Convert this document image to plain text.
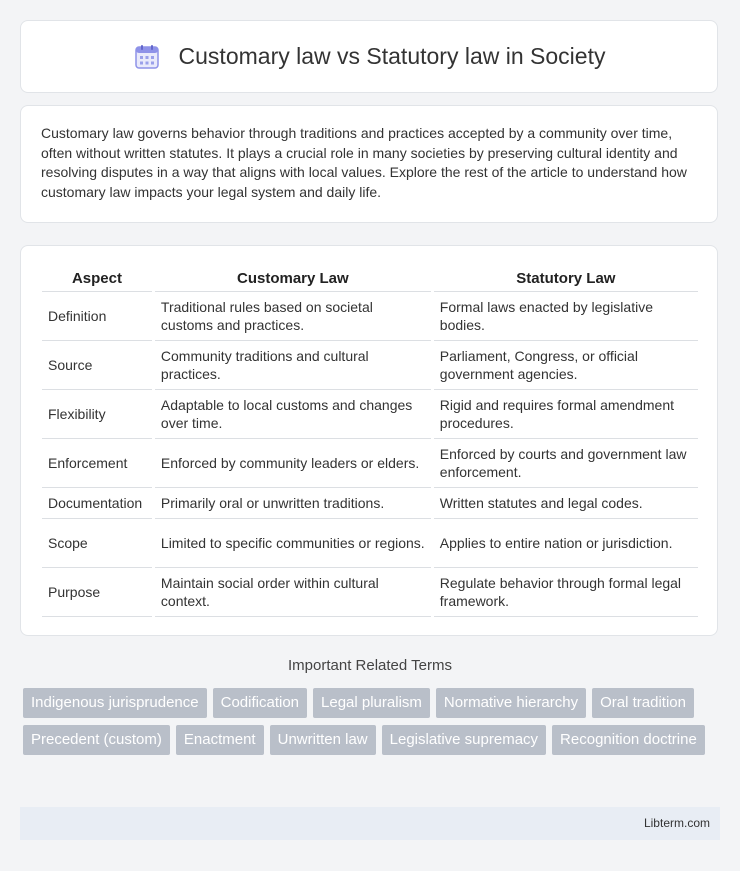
Customary law vs Statutory law in Society

Customary law governs behavior through traditions and practices accepted by a community over time, often without written statutes. It plays a crucial role in many societies by preserving cultural identity and resolving disputes in a way that aligns with local values. Explore the rest of the article to understand how customary law impacts your legal system and daily life.

Aspect	Customary Law	Statutory Law
Definition	Traditional rules based on societal customs and practices.	Formal laws enacted by legislative bodies.
Source	Community traditions and cultural practices.	Parliament, Congress, or official government agencies.
Flexibility	Adaptable to local customs and changes over time.	Rigid and requires formal amendment procedures.
Enforcement	Enforced by community leaders or elders.	Enforced by courts and government law enforcement.
Documentation	Primarily oral or unwritten traditions.	Written statutes and legal codes.
Scope	Limited to specific communities or regions.	Applies to entire nation or jurisdiction.
Purpose	Maintain social order within cultural context.	Regulate behavior through formal legal framework.
Important Related Terms
Indigenous jurisprudence	Codification	Legal pluralism	Normative hierarchy	Oral tradition
Precedent (custom)	Enactment	Unwritten law	Legislative supremacy	Recognition doctrine
Libterm.com
